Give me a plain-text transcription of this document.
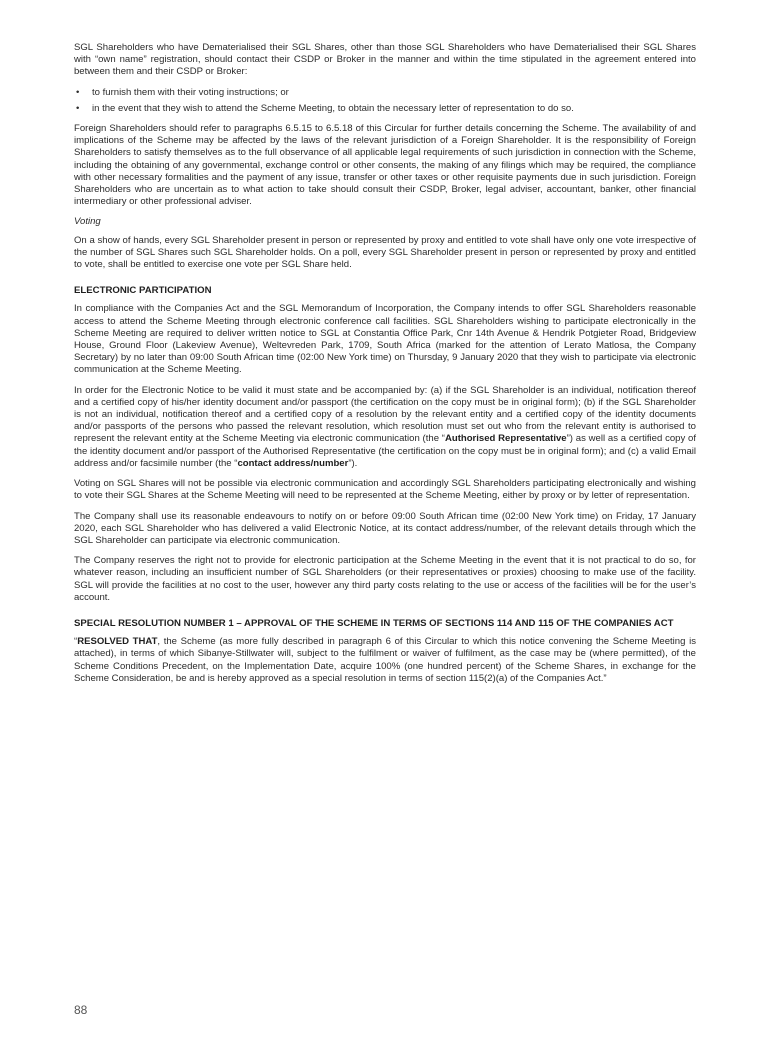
SGL Shareholders who have Dematerialised their SGL Shares, other than those SGL Shareholders who have Dematerialised their SGL Shares with “own name” registration, should contact their CSDP or Broker in the manner and within the time stipulated in the agreement entered into between them and their CSDP or Broker:

• to furnish them with their voting instructions; or
• in the event that they wish to attend the Scheme Meeting, to obtain the necessary letter of representation to do so.

Foreign Shareholders should refer to paragraphs 6.5.15 to 6.5.18 of this Circular for further details concerning the Scheme. The availability of and implications of the Scheme may be affected by the laws of the relevant jurisdiction of a Foreign Shareholder. It is the responsibility of Foreign Shareholders to satisfy themselves as to the full observance of all applicable legal requirements of such jurisdiction in connection with the Scheme, including the obtaining of any governmental, exchange control or other consents, the making of any filings which may be required, the compliance with other necessary formalities and the payment of any issue, transfer or other taxes or other requisite payments due in such jurisdiction. Foreign Shareholders who are uncertain as to what action to take should consult their CSDP, Broker, legal adviser, accountant, banker, other financial intermediary or other professional adviser.

Voting

On a show of hands, every SGL Shareholder present in person or represented by proxy and entitled to vote shall have only one vote irrespective of the number of SGL Shares such SGL Shareholder holds. On a poll, every SGL Shareholder present in person or represented by proxy and entitled to vote, shall be entitled to exercise one vote per SGL Share held.

ELECTRONIC PARTICIPATION

In compliance with the Companies Act and the SGL Memorandum of Incorporation, the Company intends to offer SGL Shareholders reasonable access to attend the Scheme Meeting through electronic conference call facilities. SGL Shareholders wishing to participate electronically in the Scheme Meeting are required to deliver written notice to SGL at Constantia Office Park, Cnr 14th Avenue & Hendrik Potgieter Road, Bridgeview House, Ground Floor (Lakeview Avenue), Weltevreden Park, 1709, South Africa (marked for the attention of Lerato Matlosa, the Company Secretary) by no later than 09:00 South African time (02:00 New York time) on Thursday, 9 January 2020 that they wish to participate via electronic communication at the Scheme Meeting.

In order for the Electronic Notice to be valid it must state and be accompanied by: (a) if the SGL Shareholder is an individual, notification thereof and a certified copy of his/her identity document and/or passport (the certification on the copy must be in original form); (b) if the SGL Shareholder is not an individual, notification thereof and a certified copy of a resolution by the relevant entity and a certified copy of the identity documents and/or passports of the persons who passed the relevant resolution, which resolution must set out who from the relevant entity is authorised to represent the relevant entity at the Scheme Meeting via electronic communication (the “Authorised Representative”) as well as a certified copy of the identity document and/or passport of the Authorised Representative (the certification on the copy must be in original form); and (c) a valid Email address and/or facsimile number (the “contact address/number”).

Voting on SGL Shares will not be possible via electronic communication and accordingly SGL Shareholders participating electronically and wishing to vote their SGL Shares at the Scheme Meeting will need to be represented at the Scheme Meeting, either by proxy or by letter of representation.

The Company shall use its reasonable endeavours to notify on or before 09:00 South African time (02:00 New York time) on Friday, 17 January 2020, each SGL Shareholder who has delivered a valid Electronic Notice, at its contact address/number, of the relevant details through which the SGL Shareholder can participate via electronic communication.

The Company reserves the right not to provide for electronic participation at the Scheme Meeting in the event that it is not practical to do so, for whatever reason, including an insufficient number of SGL Shareholders (or their representatives or proxies) choosing to make use of the facility. SGL will provide the facilities at no cost to the user, however any third party costs relating to the use or access of the facilities will be for the user’s account.

SPECIAL RESOLUTION NUMBER 1 – APPROVAL OF THE SCHEME IN TERMS OF SECTIONS 114 AND 115 OF THE COMPANIES ACT

“RESOLVED THAT, the Scheme (as more fully described in paragraph 6 of this Circular to which this notice convening the Scheme Meeting is attached), in terms of which Sibanye-Stillwater will, subject to the fulfilment or waiver of fulfilment, as the case may be (where permitted), of the Scheme Conditions Precedent, on the Implementation Date, acquire 100% (one hundred percent) of the Scheme Shares, in exchange for the Scheme Consideration, be and is hereby approved as a special resolution in terms of section 115(2)(a) of the Companies Act.”

88
